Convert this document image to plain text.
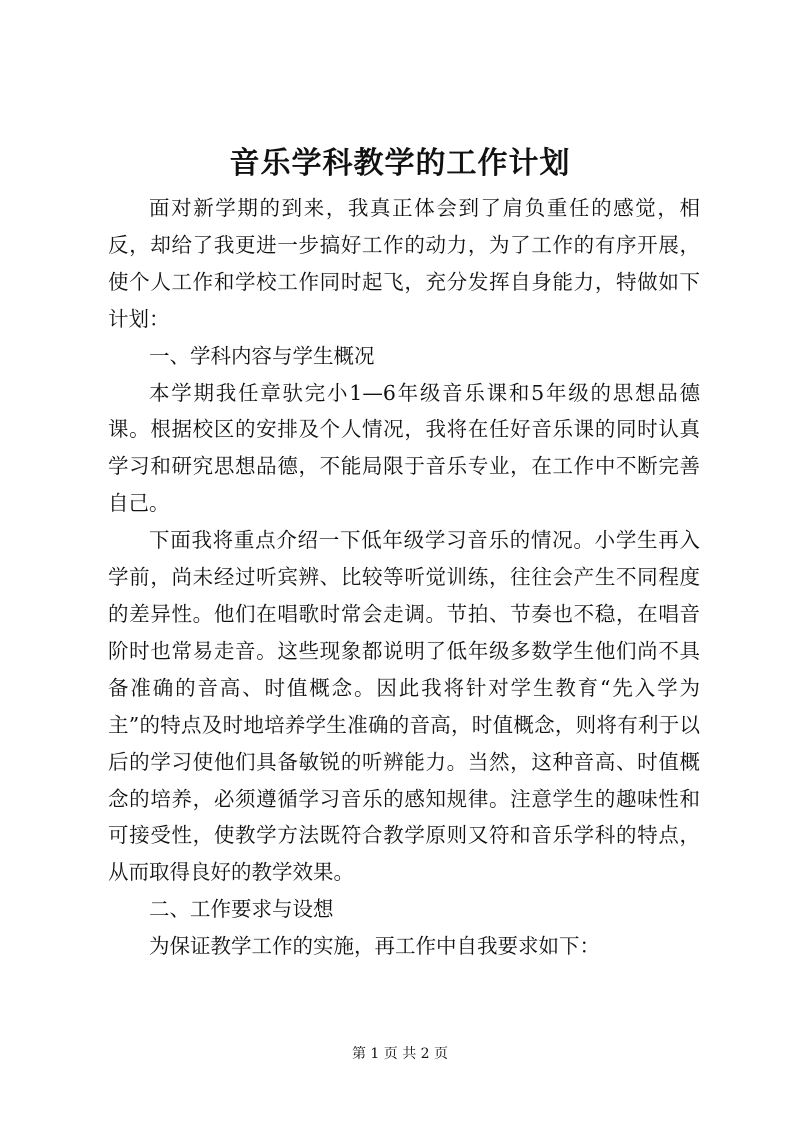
音乐学科教学的工作计划

面对新学期的到来，我真正体会到了肩负重任的感觉，相反，却给了我更进一步搞好工作的动力，为了工作的有序开展，使个人工作和学校工作同时起飞，充分发挥自身能力，特做如下计划：

一、学科内容与学生概况

本学期我任章驮完小1—6年级音乐课和5年级的思想品德课。根据校区的安排及个人情况，我将在任好音乐课的同时认真学习和研究思想品德，不能局限于音乐专业，在工作中不断完善自己。

下面我将重点介绍一下低年级学习音乐的情况。小学生再入学前，尚未经过听宾辨、比较等听觉训练，往往会产生不同程度的差异性。他们在唱歌时常会走调。节拍、节奏也不稳，在唱音阶时也常易走音。这些现象都说明了低年级多数学生他们尚不具备准确的音高、时值概念。因此我将针对学生教育“先入学为主”的特点及时地培养学生准确的音高，时值概念，则将有利于以后的学习使他们具备敏锐的听辨能力。当然，这种音高、时值概念的培养，必须遵循学习音乐的感知规律。注意学生的趣味性和可接受性，使教学方法既符合教学原则又符和音乐学科的特点，从而取得良好的教学效果。

二、工作要求与设想

为保证教学工作的实施，再工作中自我要求如下：

第 1 页 共 2 页
